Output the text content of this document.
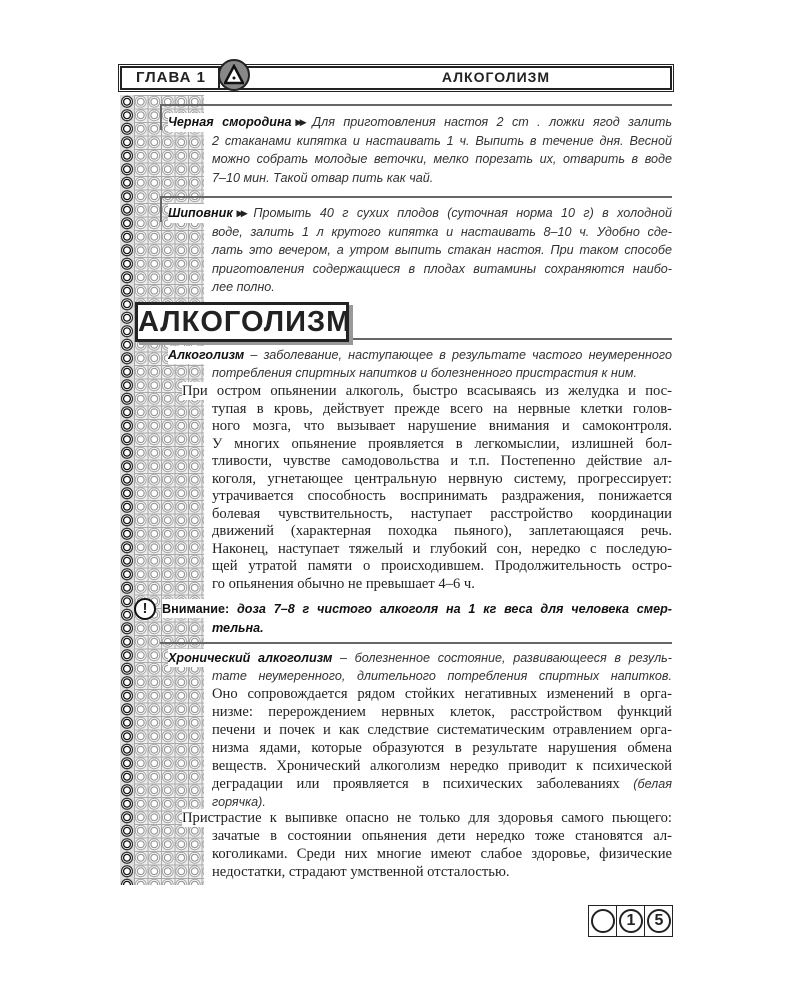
ГЛАВА 1	АЛКОГОЛИЗМ
Черная смородина ▸▸ Для приготовления настоя 2 ст . ложки ягод залить
2 стаканами кипятка и настаивать 1 ч. Выпить в течение дня. Весной
можно собрать молодые веточки, мелко порезать их, отварить в воде
7–10 мин. Такой отвар пить как чай.
Шиповник ▸▸ Промыть 40 г сухих плодов (суточная норма 10 г) в холодной
воде, залить 1 л крутого кипятка и настаивать 8–10 ч. Удобно сде-
лать это вечером, а утром выпить стакан настоя. При таком способе
приготовления содержащиеся в плодах витамины сохраняются наибо-
лее полно.
АЛКОГОЛИЗМ
Алкоголизм – заболевание, наступающее в результате частого неумеренного
потребления спиртных напитков и болезненного пристрастия к ним.
При остром опьянении алкоголь, быстро всасываясь из желудка и пос-
тупая в кровь, действует прежде всего на нервные клетки голов-
ного мозга, что вызывает нарушение внимания и самоконтроля.
У многих опьянение проявляется в легкомыслии, излишней бол-
тливости, чувстве самодовольства и т.п. Постепенно действие ал-
коголя, угнетающее центральную нервную систему, прогрессирует:
утрачивается способность воспринимать раздражения, понижается
болевая чувствительность, наступает расстройство координации
движений (характерная походка пьяного), заплетающаяся речь.
Наконец, наступает тяжелый и глубокий сон, нередко с последую-
щей утратой памяти о происходившем. Продолжительность остро-
го опьянения обычно не превышает 4–6 ч.
!	Внимание: доза 7–8 г чистого алкоголя на 1 кг веса для человека смер-
тельна.
Хронический алкоголизм – болезненное состояние, развивающееся в резуль-
тате неумеренного, длительного потребления спиртных напитков.
Оно сопровождается рядом стойких негативных изменений в орга-
низме: перерождением нервных клеток, расстройством функций
печени и почек и как следствие систематическим отравлением орга-
низма ядами, которые образуются в результате нарушения обмена
веществ. Хронический алкоголизм нередко приводит к психической
деградации или проявляется в психических заболеваниях (белая
горячка).
Пристрастие к выпивке опасно не только для здоровья самого пьющего:
зачатые в состоянии опьянения дети нередко тоже становятся ал-
коголиками. Среди них многие имеют слабое здоровье, физические
недостатки, страдают умственной отсталостью.
1	5
